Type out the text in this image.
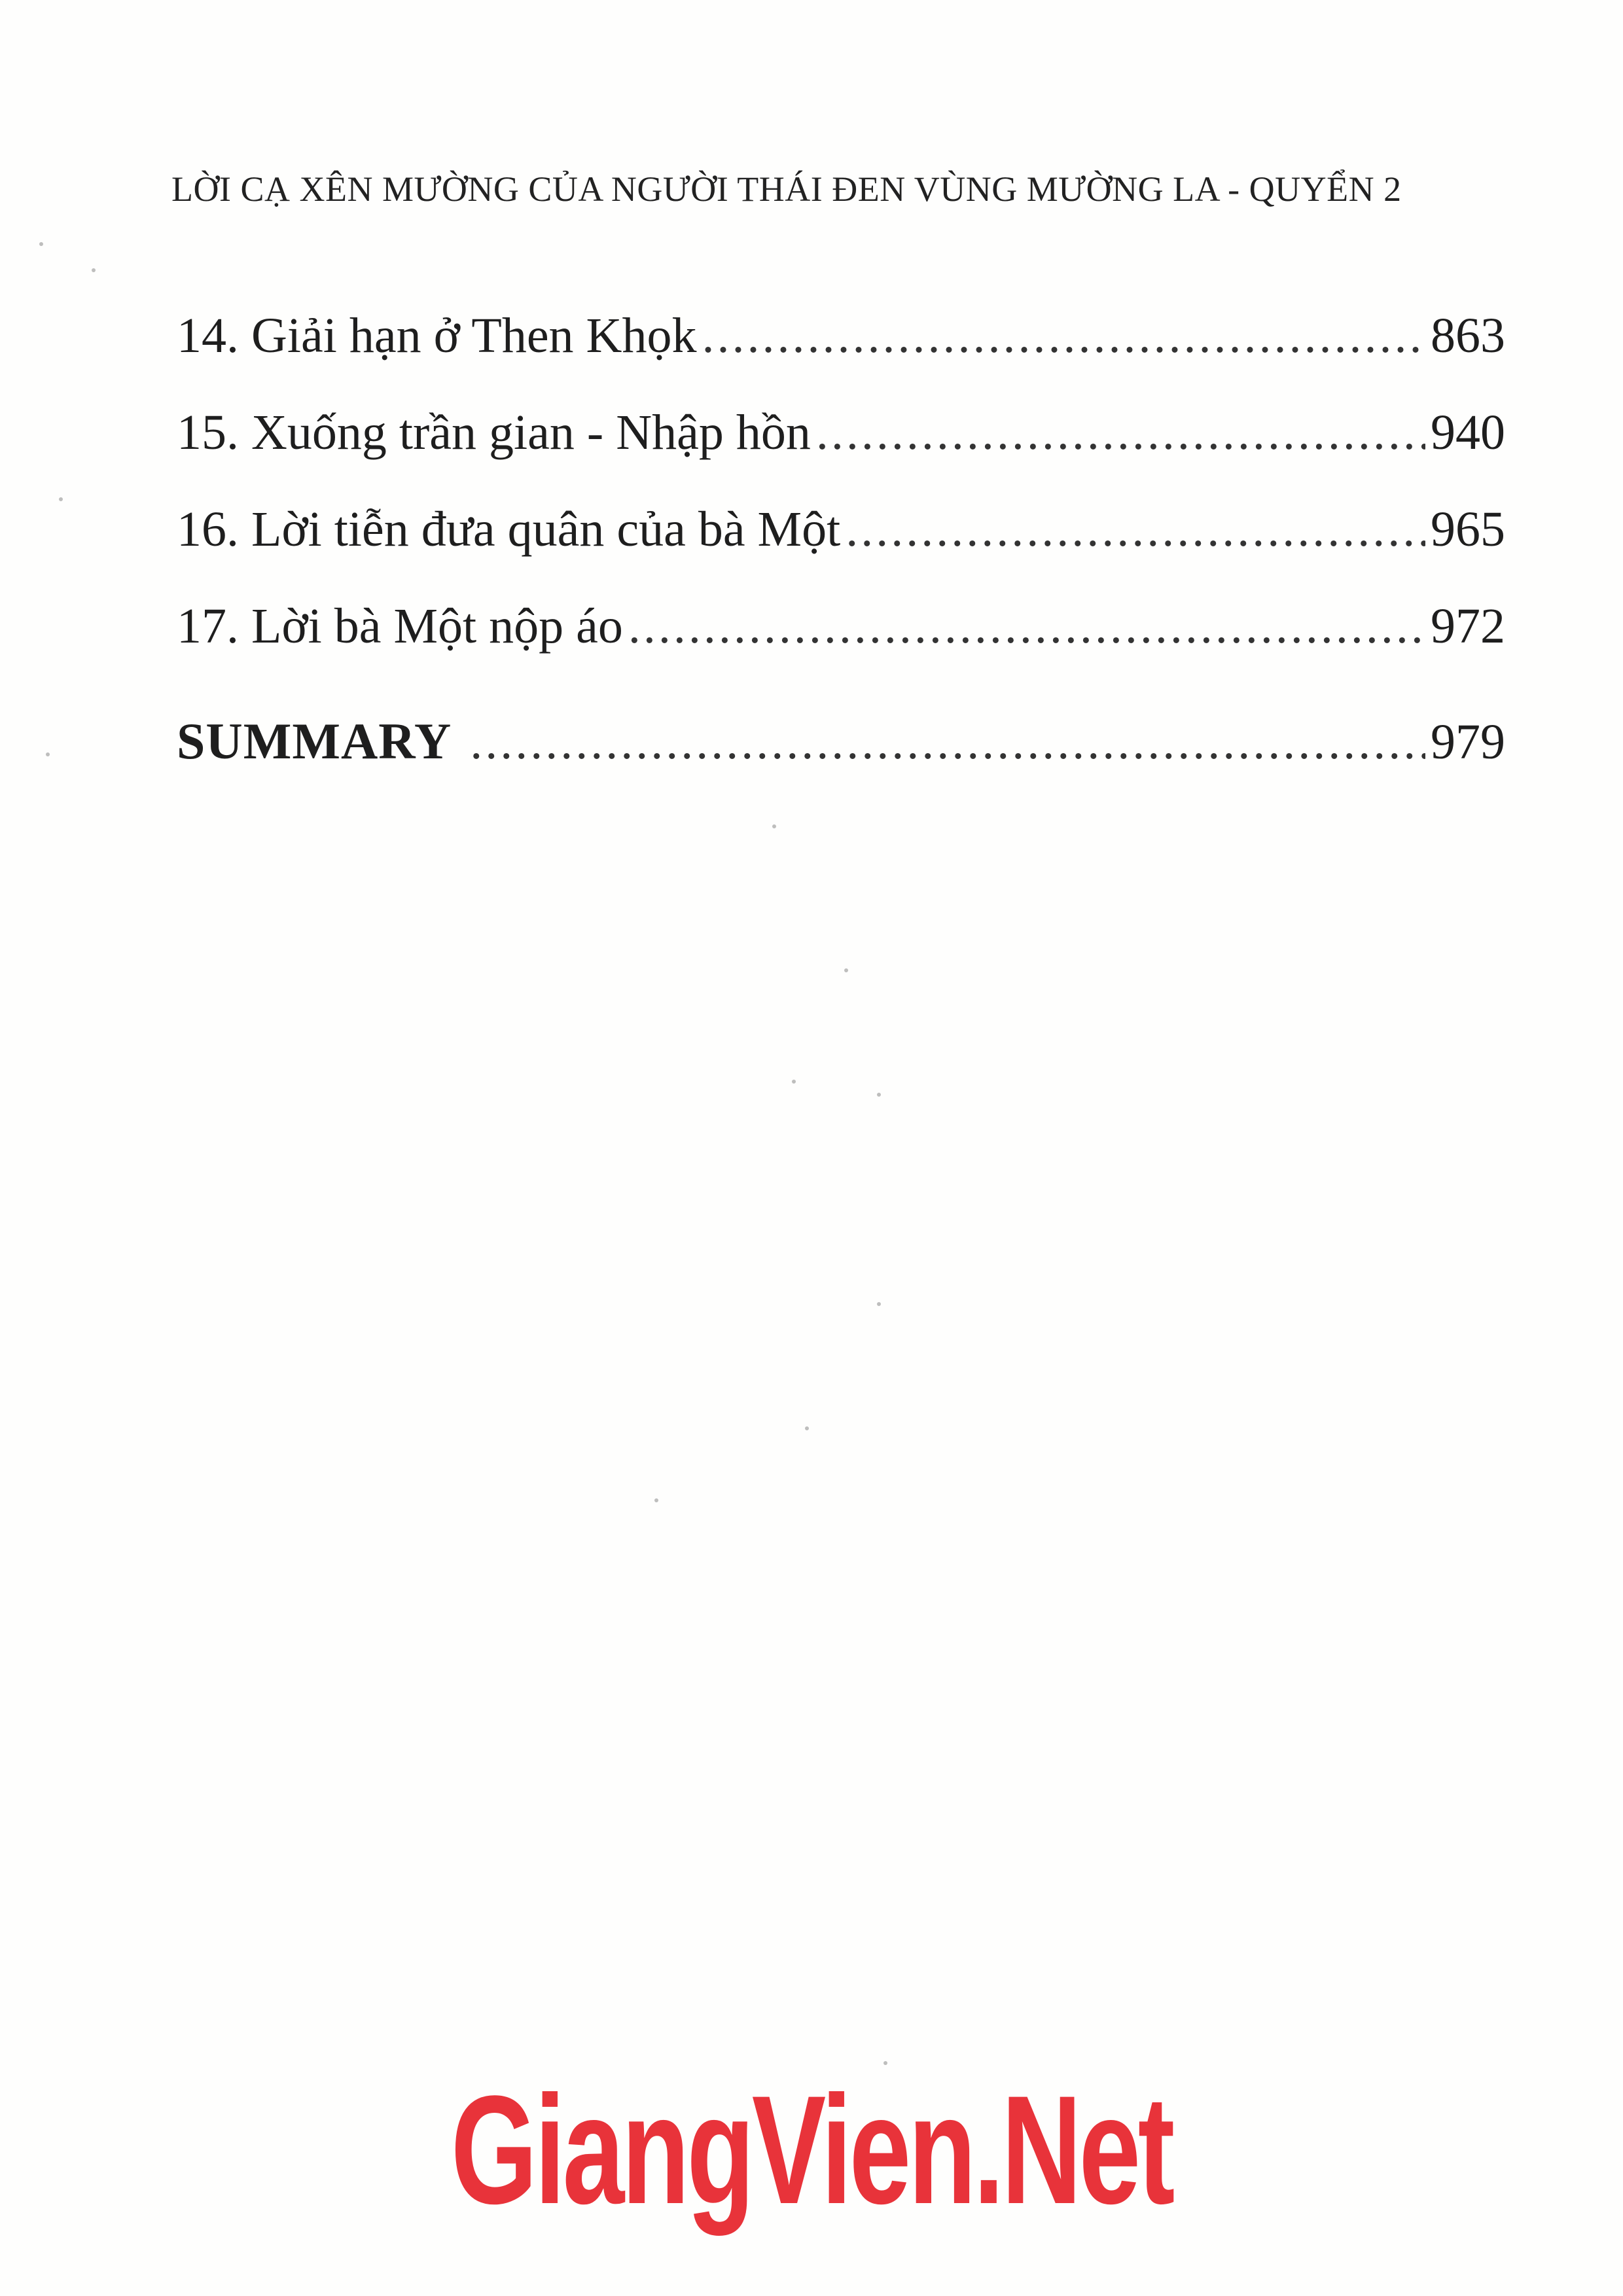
LỜI CẠ XÊN MƯỜNG CỦA NGƯỜI THÁI ĐEN VÙNG MƯỜNG LA - QUYỂN 2
14. Giải hạn ở Then Khọk .....	863
15. Xuống trần gian - Nhập hồn .....	940
16. Lời tiễn đưa quân của bà Một .....	965
17. Lời bà Một nộp áo .....	972
SUMMARY .....	979
GiangVien.Net
